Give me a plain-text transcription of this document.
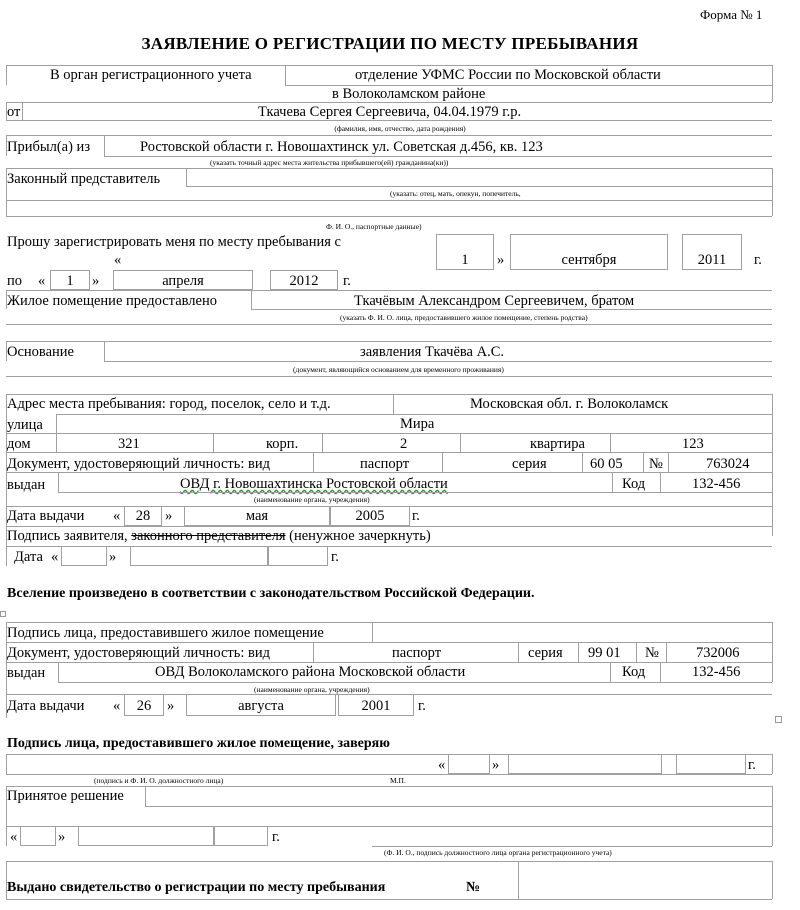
Форма № 1
ЗАЯВЛЕНИЕ О РЕГИСТРАЦИИ ПО МЕСТУ ПРЕБЫВАНИЯ
В орган регистрационного учета	отделение УФМС России по Московской области
в Волоколамском районе
от	Ткачева Сергея Сергеевича, 04.04.1979 г.р.
(фамилия, имя, отчество, дата рождения)
Прибыл(а) из	Ростовской области г. Новошахтинск ул. Советская д.456, кв. 123
(указать точный адрес места жительства прибывшего(ей) гражданина(ки))
Законный представитель
(указать: отец, мать, опекун, попечитель,
Ф. И. О., паспортные данные)
Прошу зарегистрировать меня по месту пребывания с
«	1	»	сентября	2011	г.
по «	1	»	апреля	2012	г.
Жилое помещение предоставлено	Ткачёвым Александром Сергеевичем, братом
(указать Ф. И. О. лица, предоставившего жилое помещение, степень родства)
Основание	заявления Ткачёва А.С.
(документ, являющийся основанием для временного проживания)
Адрес места пребывания: город, поселок, село и т.д.	Московская обл. г. Волоколамск
улица	Мира
дом	321	корп.	2	квартира	123
Документ, удостоверяющий личность: вид	паспорт	серия	60 05 №	763024
выдан	ОВД г. Новошахтинска Ростовской области	Код	132-456
(наименование органа, учреждения)
Дата выдачи «	28	»	мая	2005	г.
Подпись заявителя, законного представителя (ненужное зачеркнуть)
Дата «	»	г.
Вселение произведено в соответствии с законодательством Российской Федерации.
Подпись лица, предоставившего жилое помещение
Документ, удостоверяющий личность: вид	паспорт	серия 99 01 №	732006
выдан	ОВД Волоколамского района Московской области	Код	132-456
(наименование органа, учреждения)
Дата выдачи «	26	»	августа	2001	г.
Подпись лица, предоставившего жилое помещение, заверяю
«	»	г.
(подпись и Ф. И. О. должностного лица)	М.П.
Принятое решение
«	»	г.
(Ф. И. О., подпись должностного лица органа регистрационного учета)
Выдано свидетельство о регистрации по месту пребывания	№
